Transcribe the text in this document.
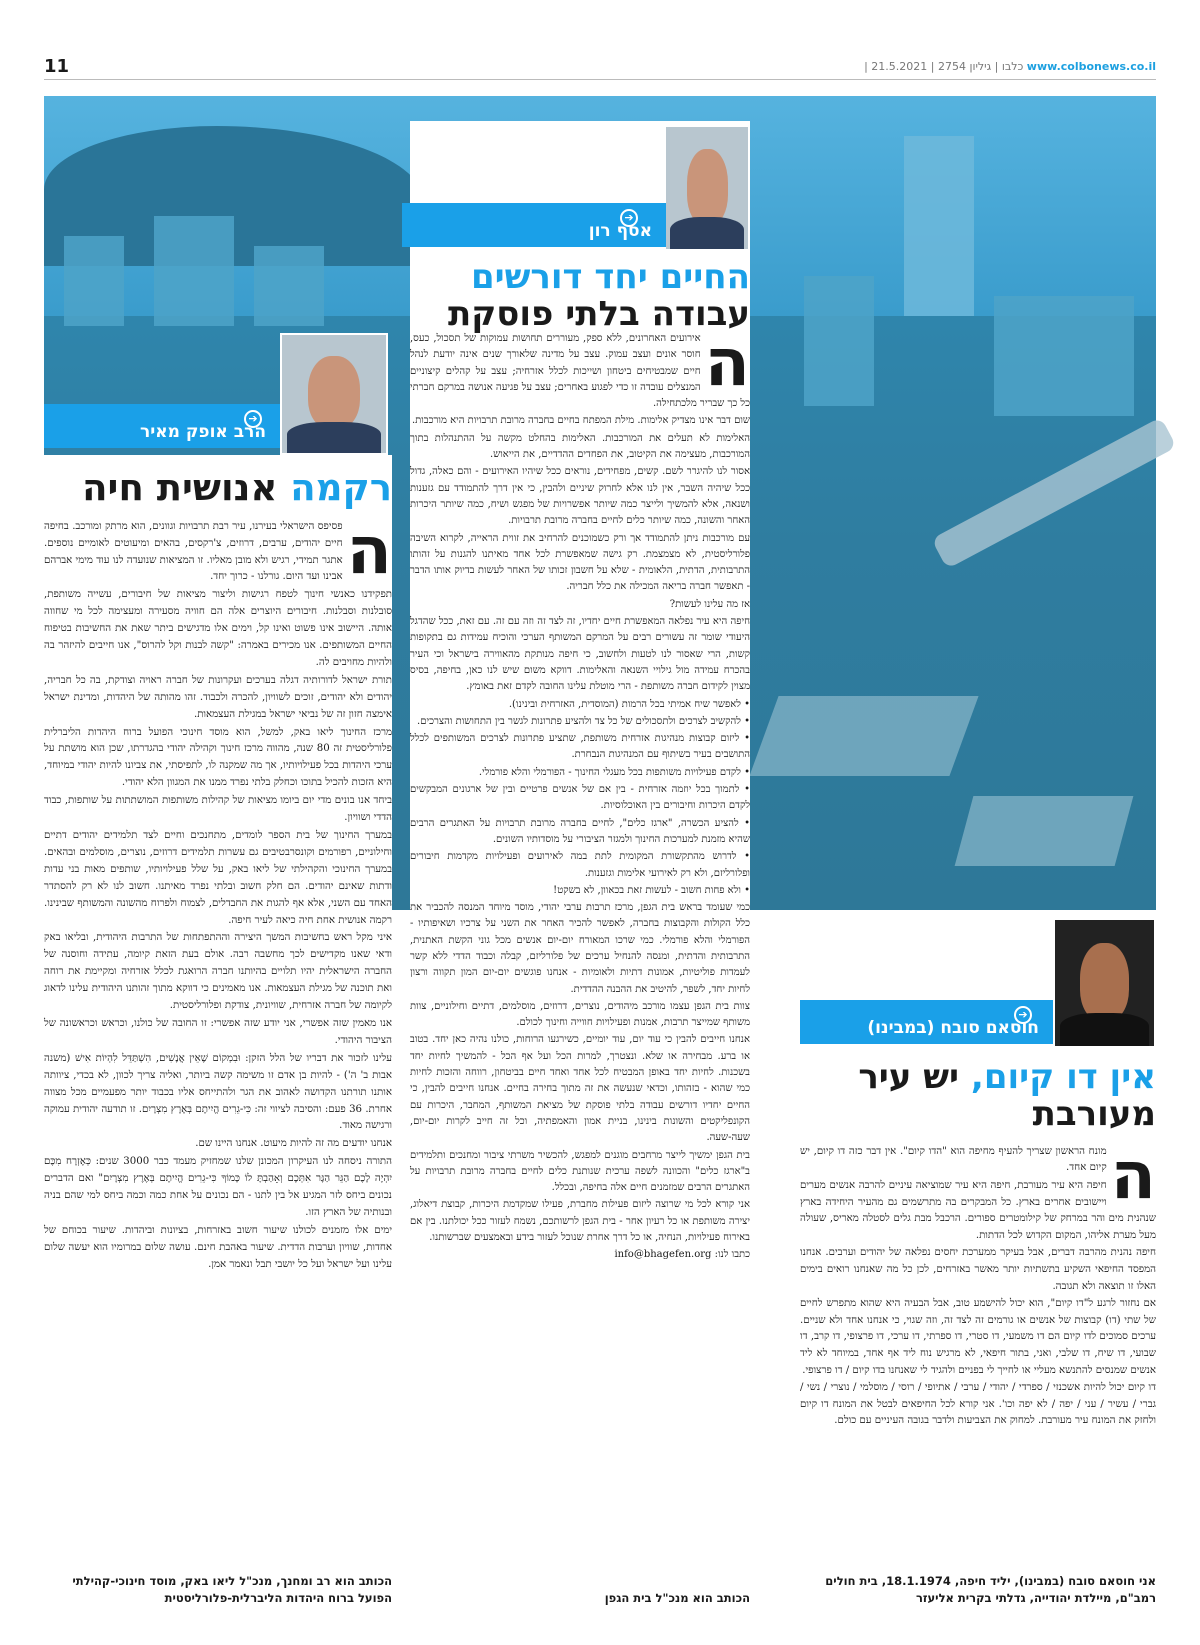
11	| כלבו | גיליון 2754 | 21.5.2021 www.colbonews.co.il
➔
הרב אופק מאיר
רקמה אנושית חיה
ה

פסיפס הישראלי בעירנו, עיר רבת תרבויות וגוונים, הוא מרתק ומורכב. בחיפה חיים יהודים, ערבים, דרוזים, צ'רקסים, בהאים ומיעוטים לאומיים נוספים. אתגר תמידי, רגיש ולא מובן מאליו. זו המציאות שנועדה לנו עוד מימי אברהם אבינו ועד היום. גורלנו - כרוך יחד.

תפקידנו כאנשי חינוך לטפח רגישות וליצור מציאות של חיבורים, עשייה משותפת, סובלנות וסבלנות. חיבורים היוצרים אלה הם חוויה מסעירה ומעצימה לכל מי שחווה אותה. היישוב אינו פשוט ואינו קל, וימים אלו מדגישים ביתר שאת את החשיבות בטיפוח החיים המשותפים. אנו מכירים באמרה: "קשה לבנות וקל להרוס", אנו חייבים להיזהר בה ולהיות מחויבים לה.

תורת ישראל לדורותיה דגלה בערכים ועקרונות של חברה ראויה וצודקת, בה כל חבריה, יהודים ולא יהודים, זוכים לשוויון, להכרה ולכבוד. זהו מהותה של היהדות, ומדינת ישראל אימצה חזון זה של נביאי ישראל במגילת העצמאות.

מרכז החינוך ליאו באק, למשל, הוא מוסד חינוכי הפועל ברוח היהדות הליברלית פלורליסטית זה 80 שנה, מהווה מרכז חינוך וקהילה יהודי בהגדרתו, שכן הוא מושתת על ערכי היהדות בכל פעילויותיו, אך מה שמקנה לו, לתפיסתי, את צביונו להיות יהודי במיוחד, היא הזכות להכיל בתוכו וכחלק בלתי נפרד ממנו את המגוון הלא יהודי.

ביחד אנו בונים מדי יום ביומו מציאות של קהילות משותפות המושתתות על שותפות, כבוד הדדי ושוויון.

במערך החינוך של בית הספר לומדים, מתחנכים וחיים לצד תלמידים יהודים דתיים וחילוניים, רפורמים וקונסרבטיבים גם עשרות תלמידים דרוזים, נוצרים, מוסלמים ובהאים. במערך החינוכי והקהילתי של ליאו באק, על שלל פעילויותיו, שותפים מאות בני עדות ודתות שאינם יהודים. הם חלק חשוב ובלתי נפרד מאיתנו. חשוב לנו לא רק להסתדר האחד עם השני, אלא אף להגות את החבדלים, לצמוח ולפרוח מהשונה והמשותף שבינינו. רקמה אנושית אחת חיה כיאה לעיר חיפה.

איני מקל ראש בחשיבות המשך היצירה וההתפתחות של התרבות היהודית, ובליאו באק ודאי שאנו מקדישים לכך מחשבה רבה. אולם בעת הזאת קיומה, עתידה וחוסנה של החברה הישראלית יהיו תלויים בהיותנו חברה הרואגת לכלל אזרחיה ומקיימת את רוחה ואת תוכנה של מגילת העצמאות. אנו מאמינים כי דווקא מתוך זהותנו היהודית עלינו לדאוג לקיומה של חברה אזרחית, שוויונית, צודקת ופלורליסטית.

אנו מאמין שזה אפשרי, אני יודע שזה אפשרי: זו החובה של כולנו, וכראש וכראשונה של הציבור היהודי.

עלינו לזכור את דבריו של הלל הזקן: וּבִמְקוֹם שֶׁאֵין אֲנָשִׁים, הִשְׁתַּדֵּל לִהְיוֹת אִישׁ (משנה אבות ב' ה') - להיות בן אדם זו משימה קשה ביותר, ואליה צריך לכוון, לא בכדי, ציוותה אותנו תורתנו הקדושה לאהוב את הגר ולהתייחס אליו בכבוד יותר מפעמיים מכל מצווה אחרת. 36 פעם: והסיבה לציווי זה: כִּי-גֵרִים הֱיִיתֶם בְּאֶרֶץ מִצְרָיִם. זו תודעה יהודית עמוקה ורגישה מאוד.

אנחנו יודעים מה זה להיות מיעוט. אנחנו היינו שם.

התורה ניסחה לנו העיקרון המכונן שלנו שמחזיק מעמד כבר 3000 שנים: כְּאֶזְרָח מִכֶּם יִהְיֶה לָכֶם הַגֵּר הַגָּר אִתְּכֶם וְאָהַבְתָּ לוֹ כָּמוֹךָ כִּי-גֵרִים הֱיִיתֶם בְּאֶרֶץ מִצְרָיִם" ואם הדברים נכונים ביחס לזר המגיע אל בין לתנו - הם נכונים על אחת כמה וכמה ביחס למי שהם בניה ובנותיה של הארץ הזו.

ימים אלו מזמנים לכולנו שיעור חשוב באזרחות, בציונות וביהדות. שיעור בכוחם של אחדות, שוויון וערבות הדדית. שיעור באהבת חינם. עושה שלום במרומיו הוא יעשה שלום עלינו ועל ישראל ועל כל יושבי תבל ונאמר אמן.

הכותב הוא רב ומחנך, מנכ"ל ליאו באק, מוסד חינוכי-קהילתי הפועל ברוח היהדות הליברלית-פלורליסטית
➔
אסף רון
החיים יחד דורשים
עבודה בלתי פוסקת
ה

אירועים האחרונים, ללא ספק, מעוררים תחושות עמוקות של תסכול, כעס, חוסר אונים ועצב עמוק. עצב על מדינה שלאורך שנים אינה יודעת לנהל חיים שמבטיחים ביטחון ושייכות לכלל אזרחיה; עצב על קהלים קיצוניים המנצלים עובדה זו כדי לפגוע באחרים; עצב על פגיעה אנושה במרקם חברתי כל כך שבריר מלכתחילה.

שום דבר אינו מצדיק אלימות. מילת המפתח בחיים בחברה מרובת תרבויות היא מורכבות.

האלימות לא תעלים את המורכבות. האלימות בהחלט מקשה על ההתנהלות בתוך המורכבות, מעצימה את הקיטוב, את הפחדים ההדדיים, את הייאוש.

אסור לנו להיגרר לשם. קשים, מפחידים, נוראים ככל שיהיו האירועים - והם כאלה, גדול ככל שיהיה השבר, אין לנו אלא לחרוק שיניים ולהבין, כי אין דרך להתמודד עם גזענות ושנאה, אלא להמשיך ולייצר כמה שיותר אפשרויות של מפגש ושיח, כמה שיותר היכרות האחר והשונה, כמה שיותר כלים לחיים בחברה מרובת תרבויות.

עם מורכבות ניתן להתמודד אך ורק כשמוכנים להרחיב את זווית הראייה, לקרוא השיבה פלורליסטית, לא מצמצמת. רק גישה שמאפשרת לכל אחד מאיתנו להגנות על זהותו התרבותית, הדתית, הלאומית - שלא על חשבון זכותו של האחר לעשות בדיוק אותו הדבר - תאפשר חברה בריאה המכילה את כלל חבריה.

אז מה עלינו לעשות?

חיפה היא עיר נפלאה המאפשרת חיים יחדיו, זה לצד זה וזה עם זה. עם זאת, ככל שהדגל היעודי שומר זה עשורים רבים על המרקם המשותף הערכי והוכיח עמידות גם בתקופות קשות, הרי שאסור לנו לטעות ולחשוב, כי חיפה מנותקת מהאווירה בישראל וכי העיר בהכרח עמידה מול גילויי השנאה והאלימות. דווקא משום שיש לנו כאן, בחיפה, בסיס מצוין לקידום חברה משותפת - הרי מוטלת עלינו החובה לקדם זאת באומץ.

• לאפשר שיח אמיתי בכל הרמות (המוסדית, האזרחית ובינינו).

• להקשיב לצרכים ולתסכולים של כל צד ולהציע פתרונות לגשר בין התחושות והצרכים.

• ליזום קבוצות מנהיגות אזרחית משותפת, שתציע פתרונות לצרכים המשותפים לכלל התושבים בעיר בשיתוף עם המנהיגות הנבחרת.

• לקדם פעילויות משותפות בכל מעגלי החינוך - הפורמלי והלא פורמלי.

• לתמוך בכל יוזמה אזרחית - בין אם של אנשים פרטיים ובין של ארגונים המבקשים לקדם היכרות וחיבורים בין האוכלוסיות.

• להציע הכשרה, "ארגז כלים", לחיים בחברה מרובת תרבויות על האתגרים הרבים שהיא מזמנת למערכות החינוך ולמגזר הציבורי על מוסדותיו השונים.

• לדרוש מהתקשורת המקומית לתת במה לאירועים ופעילויות מקדמות חיבורים ופלורליזם, ולא רק לאירועי אלימות וגזענות.

• ולא פחות חשוב - לעשות זאת בכאוון, לא בשקט!

כמי שעומד בראש בית הגפן, מרכז תרבות ערבי יהודי, מוסד מיוחד המנסה להכביר את כלל הקולות והקבוצות בחברה, לאפשר להכיר האחר את השני על צרכיו ושאיפותיו - הפורמלי והלא פורמלי. כמי שרכו המאורח יום-יום אנשים מכל גוני הקשת האתנית, התרבותית והדתית, ומנסה להנחיל ערכים של פלורליזם, קבלה וכבוד הדדי ללא קשר לעמדות פוליטיות, אמונות דתיות ולאומיות - אנחנו פוגשים יום-יום המון תקווה ורצון לחיות יחד, לשפר, להיטיב את ההבנה ההדדית.

צוות בית הגפן עצמו מורכב מיהודים, נוצרים, דרוזים, מוסלמים, דתיים וחילוניים, צוות משותף שמייצר תרבות, אמנות ופעילויות חווייה וחינוך לכולם.

אנחנו חייבים להבין כי עוד יום, עוד יומיים, כשירגעו הרוחות, כולנו נהיה כאן יחד. בטוב או ברע. מבחירה או שלא. ונצטרך, למרות הכל ועל אף הכל - להמשיך לחיות יחד בשכנות. לחיות יחד באופן המבטיח לכל אחד ואחד חיים בביטחון, רווחה והזכות לחיות כמי שהוא - בזהותו, וכדאי שנעשה את זה מתוך בחירה בחיים. אנחנו חייבים להבין, כי החיים יחדיו דורשים עבודה בלתי פוסקת של מציאת המשותף, המחבר, היכרות עם הקונפליקטים והשונות בינינו, בניית אמון והאמפתיה, וכל זה חייב לקרות יום-יום, שעה-שעה.

בית הגפן ימשיך לייצר מרחבים מוגנים למפגש, להכשיר משרתי ציבור ומחנכים ותלמידים ב"ארגז כלים" והכוונה לשפה ערכית שנותנת כלים לחיים בחברה מרובת תרבויות על האתגרים הרבים שמזמנים חיים אלה בחיפה, ובכלל.

אני קורא לכל מי שרוצה ליזום פעילות מחברת, פעילו שמקדמת היכרות, קבוצת דיאלוג, יצירה משותפת או כל רעיון אחר - בית הגפן לרשותכם, נשמח לעזור ככל יכולתנו. בין אם באירוח פעילויות, הנחיה, או כל דרך אחרת שנוכל לעזור בידע ובאמצעים שברשותנו.

כתבו לנו: info@bhagefen.org

הכותב הוא מנכ"ל בית הגפן
➔
חוסאם סובח (במבינו)
אין דו קיום, יש עיר
מעורבת
ה

מונח הראשון שצריך להעיף מחיפה הוא "הדו קיום". אין דבר כזה דו קיום, יש קיום אחד.

חיפה היא עיר מעורבת, חיפה היא עיר שמוציאה עיניים להרבה אנשים מערים ויישובים אחרים בארץ. כל המבקרים בה מתרשמים גם מהעיר היחידה בארץ שנהנית מים והר במרחק של קילומטרים ספורים. הרכבל מבת גלים לסטלה מאריס, שעולה מעל מערת אליהו, המקום הקדוש לכל הדתות.

חיפה נהנית מהרבה דברים, אבל בעיקר ממערכת יחסים נפלאה של יהודים וערבים. אנחנו המפסד החיפאי השקיע בתשתיות יותר מאשר באזרחים, לכן כל מה שאנחנו רואים בימים האלו זו תוצאה ולא תגובה.

אם נחזור לרגע ל"דו קיום", הוא יכול להישמע טוב, אבל הבעיה היא שהוא מתפרש לחיים של שתי (דו) קבוצות של אנשים או גורמים זה לצד זה, וזה שגוי, כי אנחנו אחד ולא שניים. ערכים סמוכים לדו קיום הם דו משמעי, דו סטרי, דו ספרתי, דו ערכי, דו פרצופי, דו קרב, דו שבועי, דו שיח, דו שלבי, ואני, בתור חיפאי, לא מרגיש נוח ליד אף אחד, במיוחד לא ליד אנשים שמנסים להתנשא מעליי או לחייך לי בפניים ולהגיד לי שאנחנו בדו קיום / דו פרצופי.

דו קיום יכול להיות אשכנזי / ספרדי / יהודי / ערבי / אתיופי / רוסי / מוסלמי / נוצרי / נשי / גברי / עשיר / עני / יפה / לא יפה וכו'. אני קורא לכל החיפאים לבטל את המונח דו קיום ולחזק את המונח עיר מעורבת. למחוק את הצביעות ולדבר בגובה העיניים עם כולם.

אני חוסאם סובח (במבינו), יליד חיפה, 18.1.1974, בית חולים רמב"ם, מיילדת יהודייה, גדלתי בקרית אליעזר
